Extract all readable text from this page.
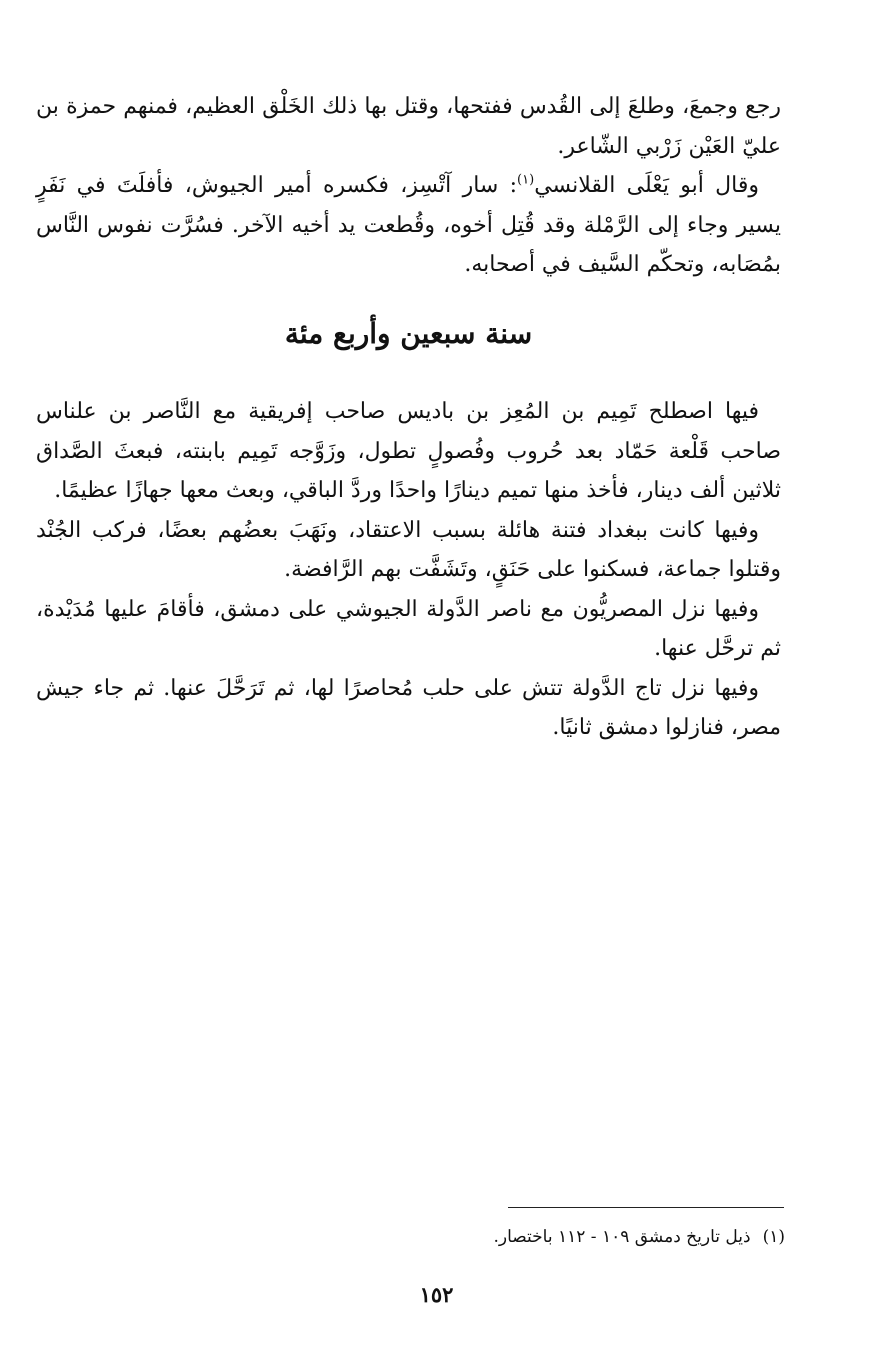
رجع وجمعَ، وطلعَ إلى القُدس ففتحها، وقتل بها ذلك الخَلْق العظيم، فمنهم حمزة بن عليّ العَيْن زَرْبي الشّاعر.

وقال أبو يَعْلَى القلانسي$^{(١)}$: سار آتْسِز، فكسره أمير الجيوش، فأفلَتَ في نَفَرٍ يسير وجاء إلى الرَّمْلة وقد قُتِل أخوه، وقُطعت يد أخيه الآخر. فسُرَّت نفوس النَّاس بمُصَابه، وتحكّم السَّيف في أصحابه.

سنة سبعين وأربع مئة

فيها اصطلح تَمِيم بن المُعِز بن باديس صاحب إفريقية مع النَّاصر بن علناس صاحب قَلْعة حَمّاد بعد حُروب وفُصولٍ تطول، وزَوَّجه تَمِيم بابنته، فبعثَ الصَّداق ثلاثين ألف دينار، فأخذ منها تميم دينارًا واحدًا وردَّ الباقي، وبعث معها جهازًا عظيمًا.

وفيها كانت ببغداد فتنة هائلة بسبب الاعتقاد، ونَهَبَ بعضُهم بعضًا، فركب الجُنْد وقتلوا جماعة، فسكنوا على حَنَقٍ، وتَشَفَّت بهم الرَّافضة.

وفيها نزل المصريُّون مع ناصر الدَّولة الجيوشي على دمشق، فأقامَ عليها مُدَيْدة، ثم ترحَّل عنها.

وفيها نزل تاج الدَّولة تتش على حلب مُحاصرًا لها، ثم تَرَحَّلَ عنها. ثم جاء جيش مصر، فنازلوا دمشق ثانيًا.

(١)ذيل تاريخ دمشق ١٠٩ - ١١٢ باختصار.

١٥٢
